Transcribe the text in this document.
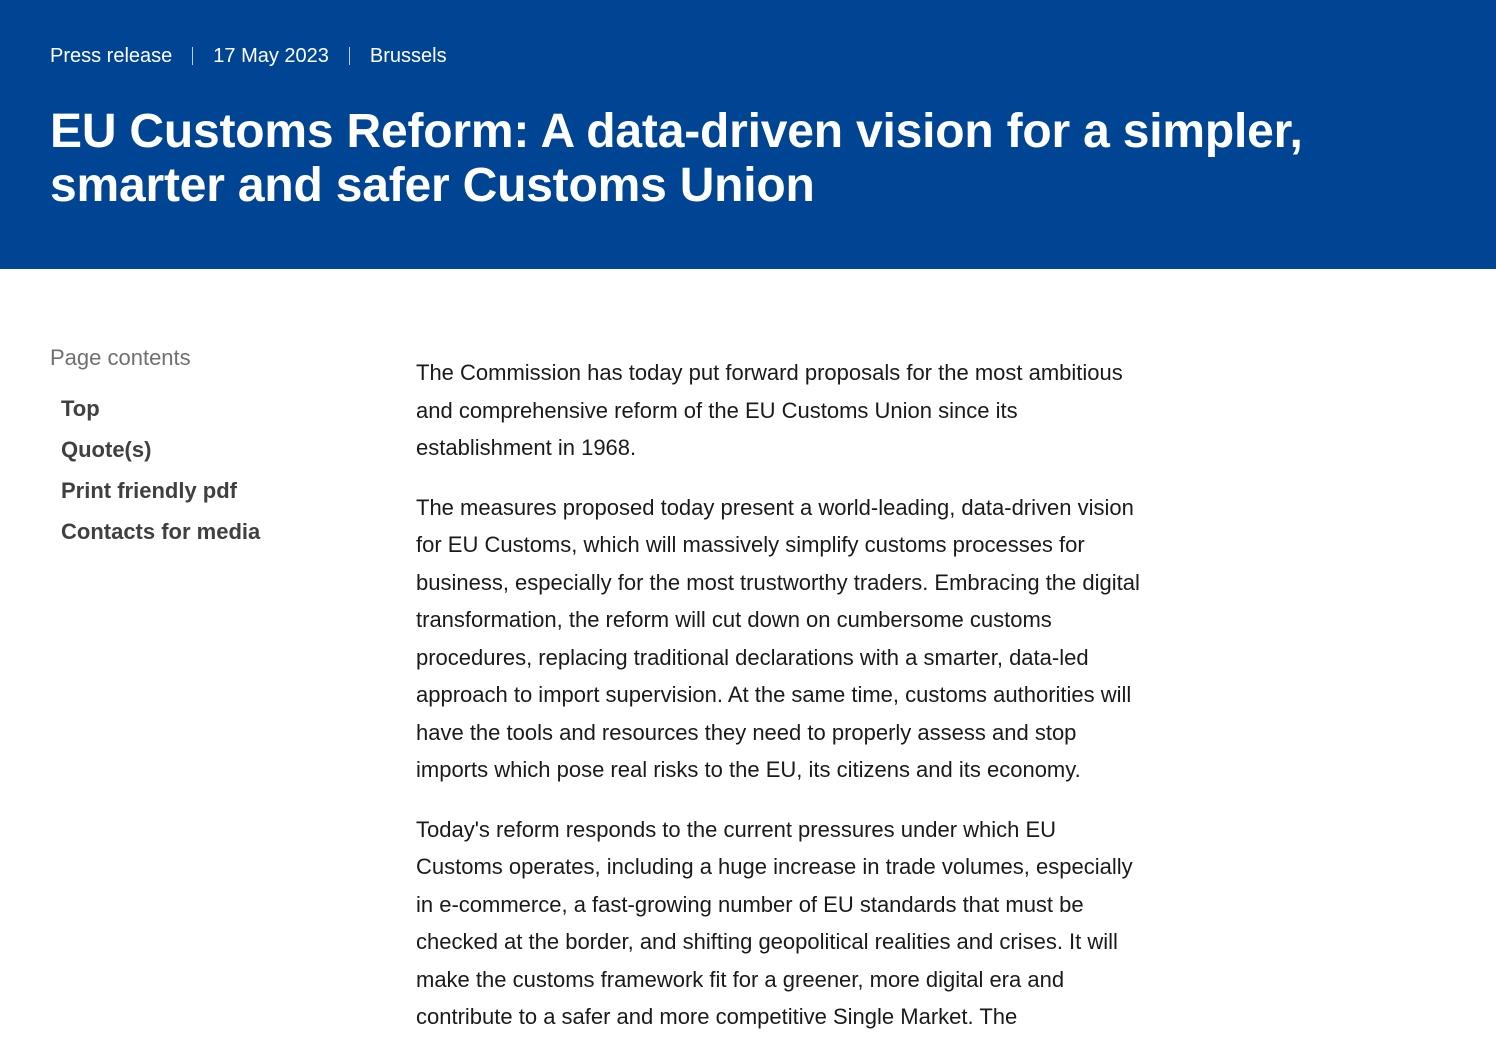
Press release 17 May 2023 Brussels
EU Customs Reform: A data-driven vision for a simpler, smarter and safer Customs Union
Page contents
Top
Quote(s)
Print friendly pdf
Contacts for media

The Commission has today put forward proposals for the most ambitious and comprehensive reform of the EU Customs Union since its establishment in 1968.

The measures proposed today present a world-leading, data-driven vision for EU Customs, which will massively simplify customs processes for business, especially for the most trustworthy traders. Embracing the digital transformation, the reform will cut down on cumbersome customs procedures, replacing traditional declarations with a smarter, data-led approach to import supervision. At the same time, customs authorities will have the tools and resources they need to properly assess and stop imports which pose real risks to the EU, its citizens and its economy.

Today's reform responds to the current pressures under which EU Customs operates, including a huge increase in trade volumes, especially in e-commerce, a fast-growing number of EU standards that must be checked at the border, and shifting geopolitical realities and crises. It will make the customs framework fit for a greener, more digital era and contribute to a safer and more competitive Single Market. The
